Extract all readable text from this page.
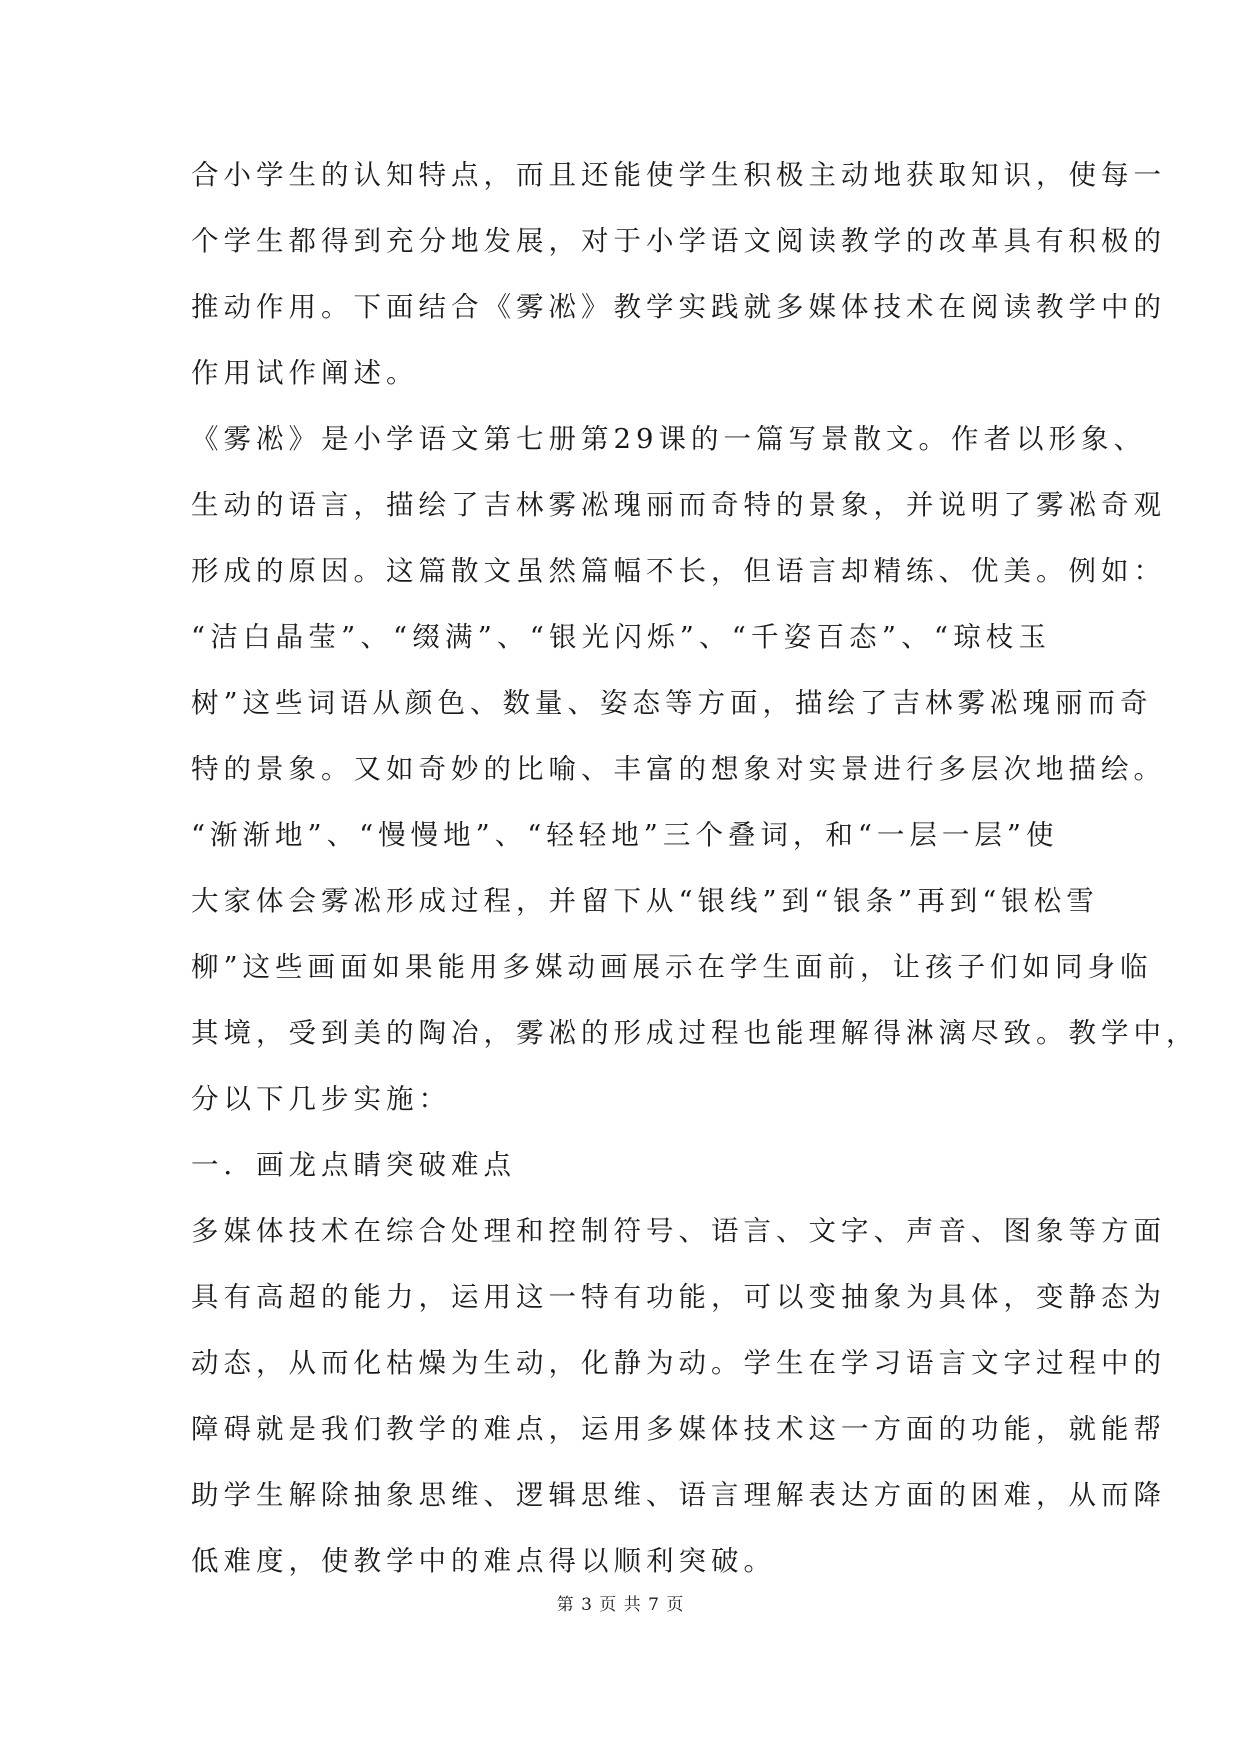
合小学生的认知特点，而且还能使学生积极主动地获取知识，使每一
个学生都得到充分地发展，对于小学语文阅读教学的改革具有积极的
推动作用。下面结合《雾凇》教学实践就多媒体技术在阅读教学中的
作用试作阐述。
《雾凇》是小学语文第七册第29课的一篇写景散文。作者以形象、
生动的语言，描绘了吉林雾凇瑰丽而奇特的景象，并说明了雾凇奇观
形成的原因。这篇散文虽然篇幅不长，但语言却精练、优美。例如：
“洁白晶莹”、“缀满”、“银光闪烁”、“千姿百态”、“琼枝玉
树”这些词语从颜色、数量、姿态等方面，描绘了吉林雾凇瑰丽而奇
特的景象。又如奇妙的比喻、丰富的想象对实景进行多层次地描绘。
“渐渐地”、“慢慢地”、“轻轻地”三个叠词，和“一层一层”使
大家体会雾凇形成过程，并留下从“银线”到“银条”再到“银松雪
柳”这些画面如果能用多媒动画展示在学生面前，让孩子们如同身临
其境，受到美的陶冶，雾凇的形成过程也能理解得淋漓尽致。教学中，
分以下几步实施：
一．画龙点睛突破难点
多媒体技术在综合处理和控制符号、语言、文字、声音、图象等方面
具有高超的能力，运用这一特有功能，可以变抽象为具体，变静态为
动态，从而化枯燥为生动，化静为动。学生在学习语言文字过程中的
障碍就是我们教学的难点，运用多媒体技术这一方面的功能，就能帮
助学生解除抽象思维、逻辑思维、语言理解表达方面的困难，从而降
低难度，使教学中的难点得以顺利突破。
第 3 页 共 7 页
